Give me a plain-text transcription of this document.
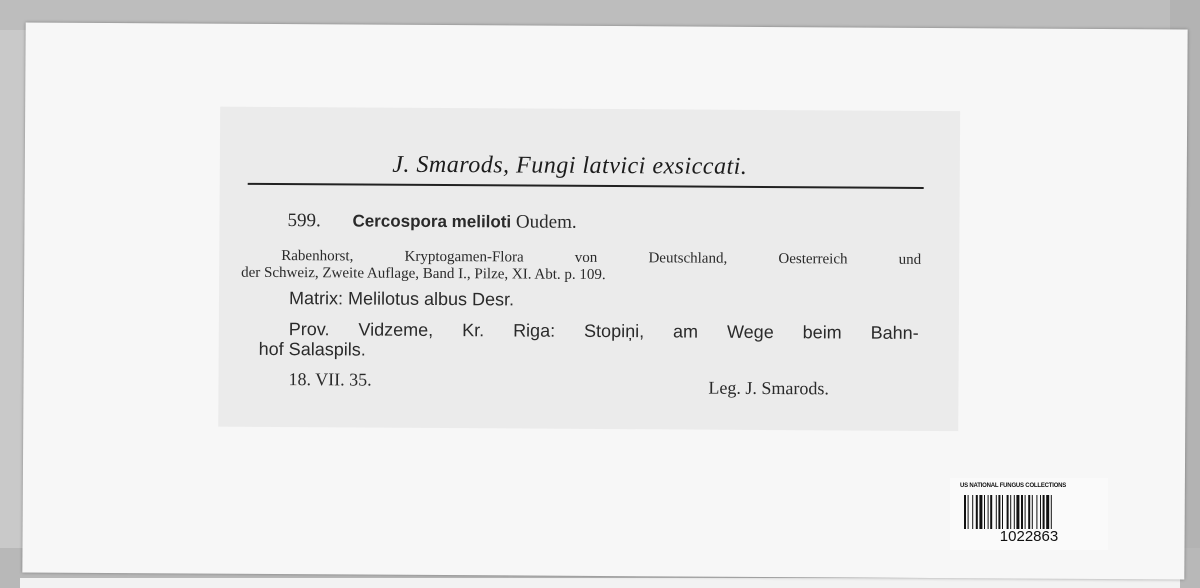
J. Smarods, Fungi latvici exsiccati.
599. Cercospora meliloti Oudem.
Rabenhorst,	Kryptogamen-Flora	von	Deutschland,	Oesterreich	und
der Schweiz, Zweite Auflage, Band I., Pilze, XI. Abt. p. 109.
Matrix: Melilotus albus Desr.
Prov. Vidzeme, Kr. Riga: Stopiņi, am Wege beim Bahn-
hof Salaspils.
18. VII. 35.	Leg. J. Smarods.
US NATIONAL FUNGUS COLLECTIONS
1022863
